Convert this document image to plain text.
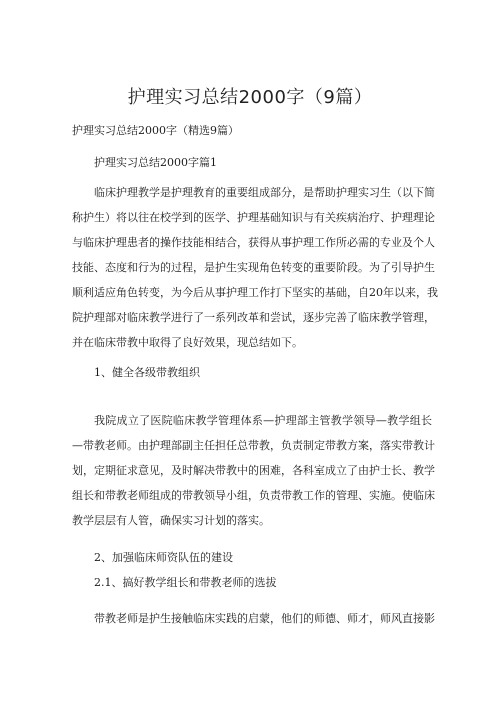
护理实习总结2000字（9篇）
护理实习总结2000字（精选9篇）
护理实习总结2000字篇1
临床护理教学是护理教育的重要组成部分，是帮助护理实习生（以下简
称护生）将以往在校学到的医学、护理基础知识与有关疾病治疗、护理理论
与临床护理患者的操作技能相结合，获得从事护理工作所必需的专业及个人
技能、态度和行为的过程，是护生实现角色转变的重要阶段。为了引导护生
顺利适应角色转变，为今后从事护理工作打下坚实的基础，自20年以来，我
院护理部对临床教学进行了一系列改革和尝试，逐步完善了临床教学管理，
并在临床带教中取得了良好效果，现总结如下。
1、健全各级带教组织
我院成立了医院临床教学管理体系—护理部主管教学领导—教学组长
—带教老师。由护理部副主任担任总带教，负责制定带教方案，落实带教计
划，定期征求意见，及时解决带教中的困难，各科室成立了由护士长、教学
组长和带教老师组成的带教领导小组，负责带教工作的管理、实施。使临床
教学层层有人管，确保实习计划的落实。
2、加强临床师资队伍的建设
2.1、搞好教学组长和带教老师的选拔
带教老师是护生接触临床实践的启蒙，他们的师德、师才，师风直接影
